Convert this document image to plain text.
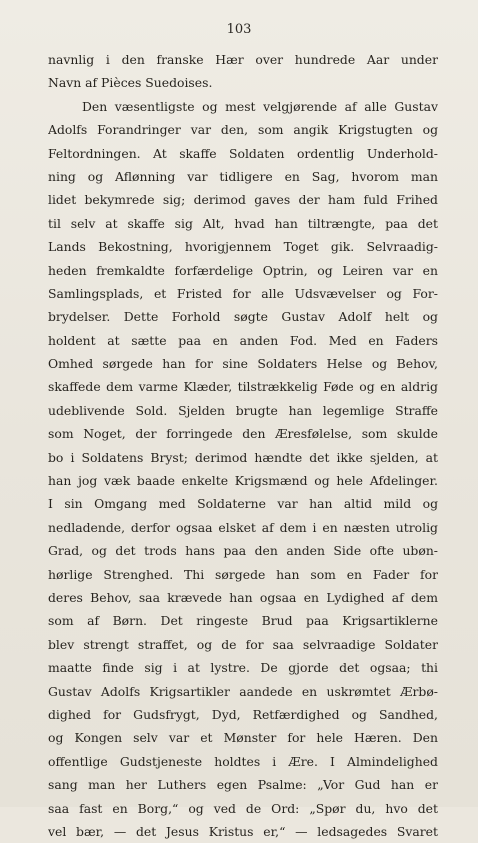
103
navnlig i den franske Hær over hundrede Aar under
Navn af Pièces Suedoises.
Den væsentligste og mest velgjørende af alle Gustav
Adolfs Forandringer var den, som angik Krigstugten og
Feltordningen. At skaffe Soldaten ordentlig Underhold-
ning og Aflønning var tidligere en Sag, hvorom man
lidet bekymrede sig; derimod gaves der ham fuld Frihed
til selv at skaffe sig Alt, hvad han tiltrængte, paa det
Lands Bekostning, hvorigjennem Toget gik. Selvraadig-
heden fremkaldte forfærdelige Optrin, og Leiren var en
Samlingsplads, et Fristed for alle Udsvævelser og For-
brydelser. Dette Forhold søgte Gustav Adolf helt og
holdent at sætte paa en anden Fod. Med en Faders
Omhed sørgede han for sine Soldaters Helse og Behov,
skaffede dem varme Klæder, tilstrækkelig Føde og en aldrig
udeblivende Sold. Sjelden brugte han legemlige Straffe
som Noget, der forringede den Æresfølelse, som skulde
bo i Soldatens Bryst; derimod hændte det ikke sjelden, at
han jog væk baade enkelte Krigsmænd og hele Afdelinger.
I sin Omgang med Soldaterne var han altid mild og
nedladende, derfor ogsaa elsket af dem i en næsten utrolig
Grad, og det trods hans paa den anden Side ofte ubøn-
hørlige Strenghed. Thi sørgede han som en Fader for
deres Behov, saa krævede han ogsaa en Lydighed af dem
som af Børn. Det ringeste Brud paa Krigsartiklerne
blev strengt straffet, og de for saa selvraadige Soldater
maatte finde sig i at lystre. De gjorde det ogsaa; thi
Gustav Adolfs Krigsartikler aandede en uskrømtet Ærbø-
dighed for Gudsfrygt, Dyd, Retfærdighed og Sandhed,
og Kongen selv var et Mønster for hele Hæren. Den
offentlige Gudstjeneste holdtes i Ære. I Almindelighed
sang man her Luthers egen Psalme: „Vor Gud han er
saa fast en Borg,“ og ved de Ord: „Spør du, hvo det
vel bær, — det Jesus Kristus er,“ — ledsagedes Svaret
